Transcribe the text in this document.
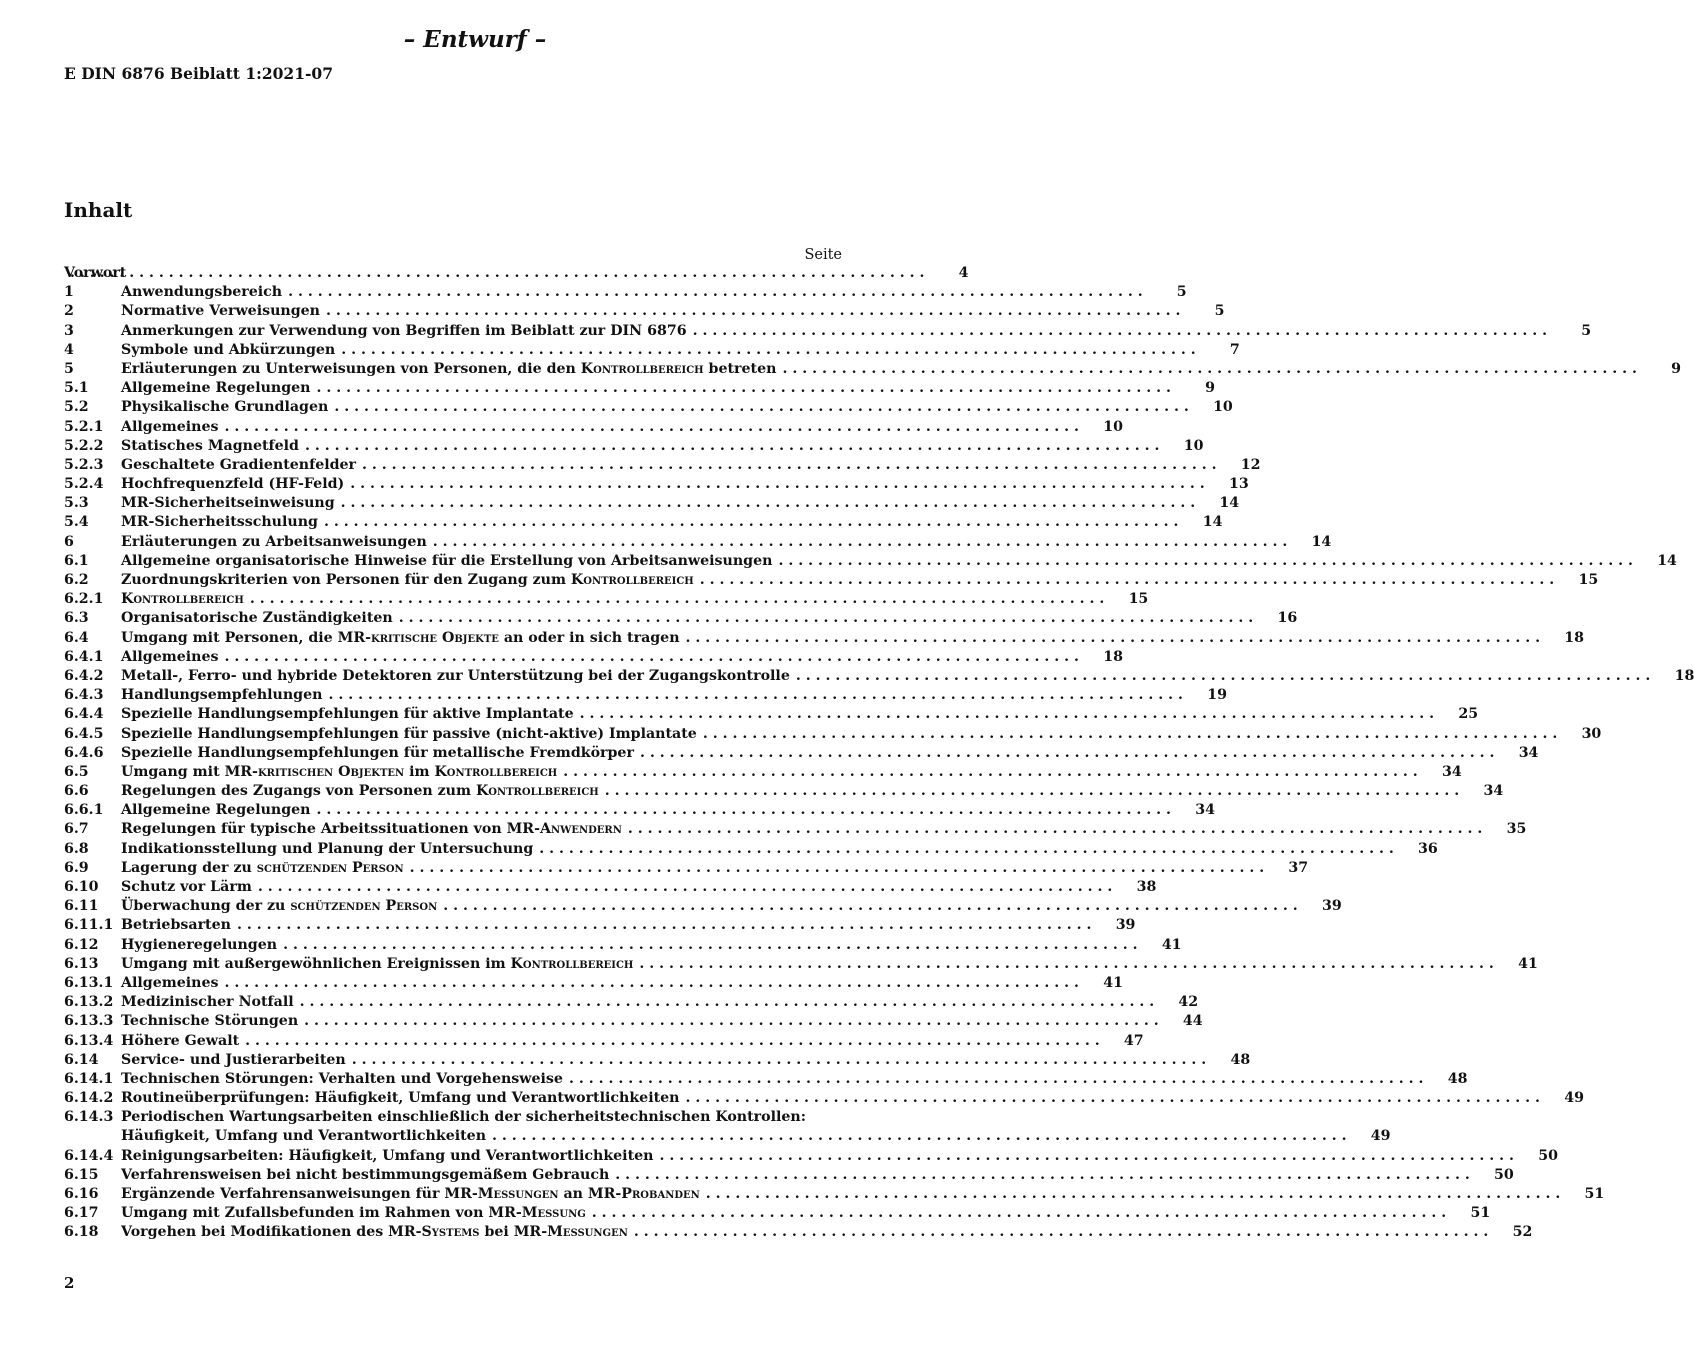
– Entwurf –
E DIN 6876 Beiblatt 1:2021-07
Inhalt
Seite
Vorwort . . .	4
1	Anwendungsbereich . . .	5
2	Normative Verweisungen . . .	5
3	Anmerkungen zur Verwendung von Begriffen im Beiblatt zur DIN 6876 . . .	5
4	Symbole und Abkürzungen . . .	7
5	Erläuterungen zu Unterweisungen von Personen, die den Kontrollbereich betreten . . .	9
5.1	Allgemeine Regelungen . . .	9
5.2	Physikalische Grundlagen . . .	10
5.2.1	Allgemeines . . .	10
5.2.2	Statisches Magnetfeld . . .	10
5.2.3	Geschaltete Gradientenfelder . . .	12
5.2.4	Hochfrequenzfeld (HF-Feld) . . .	13
5.3	MR-Sicherheitseinweisung . . .	14
5.4	MR-Sicherheitsschulung . . .	14
6	Erläuterungen zu Arbeitsanweisungen . . .	14
6.1	Allgemeine organisatorische Hinweise für die Erstellung von Arbeitsanweisungen . . .	14
6.2	Zuordnungskriterien von Personen für den Zugang zum Kontrollbereich . . .	15
6.2.1	Kontrollbereich . . .	15
6.3	Organisatorische Zuständigkeiten . . .	16
6.4	Umgang mit Personen, die MR-kritische Objekte an oder in sich tragen . . .	18
6.4.1	Allgemeines . . .	18
6.4.2	Metall-, Ferro- und hybride Detektoren zur Unterstützung bei der Zugangskontrolle . . .	18
6.4.3	Handlungsempfehlungen . . .	19
6.4.4	Spezielle Handlungsempfehlungen für aktive Implantate . . .	25
6.4.5	Spezielle Handlungsempfehlungen für passive (nicht-aktive) Implantate . . .	30
6.4.6	Spezielle Handlungsempfehlungen für metallische Fremdkörper . . .	34
6.5	Umgang mit MR-kritischen Objekten im Kontrollbereich . . .	34
6.6	Regelungen des Zugangs von Personen zum Kontrollbereich . . .	34
6.6.1	Allgemeine Regelungen . . .	34
6.7	Regelungen für typische Arbeitssituationen von MR-Anwendern . . .	35
6.8	Indikationsstellung und Planung der Untersuchung . . .	36
6.9	Lagerung der zu schützenden Person . . .	37
6.10	Schutz vor Lärm . . .	38
6.11	Überwachung der zu schützenden Person . . .	39
6.11.1 Betriebsarten . . .	39
6.12	Hygieneregelungen . . .	41
6.13	Umgang mit außergewöhnlichen Ereignissen im Kontrollbereich . . .	41
6.13.1 Allgemeines . . .	41
6.13.2 Medizinischer Notfall . . .	42
6.13.3 Technische Störungen . . .	44
6.13.4 Höhere Gewalt . . .	47
6.14	Service- und Justierarbeiten . . .	48
6.14.1 Technischen Störungen: Verhalten und Vorgehensweise . . .	48
6.14.2 Routineüberprüfungen: Häufigkeit, Umfang und Verantwortlichkeiten . . .	49
6.14.3 Periodischen Wartungsarbeiten einschließlich der sicherheitstechnischen Kontrollen:
Häufigkeit, Umfang und Verantwortlichkeiten . . .	49
6.14.4 Reinigungsarbeiten: Häufigkeit, Umfang und Verantwortlichkeiten . . .	50
6.15	Verfahrensweisen bei nicht bestimmungsgemäßem Gebrauch . . .	50
6.16	Ergänzende Verfahrensanweisungen für MR-Messungen an MR-Probanden . . .	51
6.17	Umgang mit Zufallsbefunden im Rahmen von MR-Messung . . .	51
6.18	Vorgehen bei Modifikationen des MR-Systems bei MR-Messungen . . .	52
2
